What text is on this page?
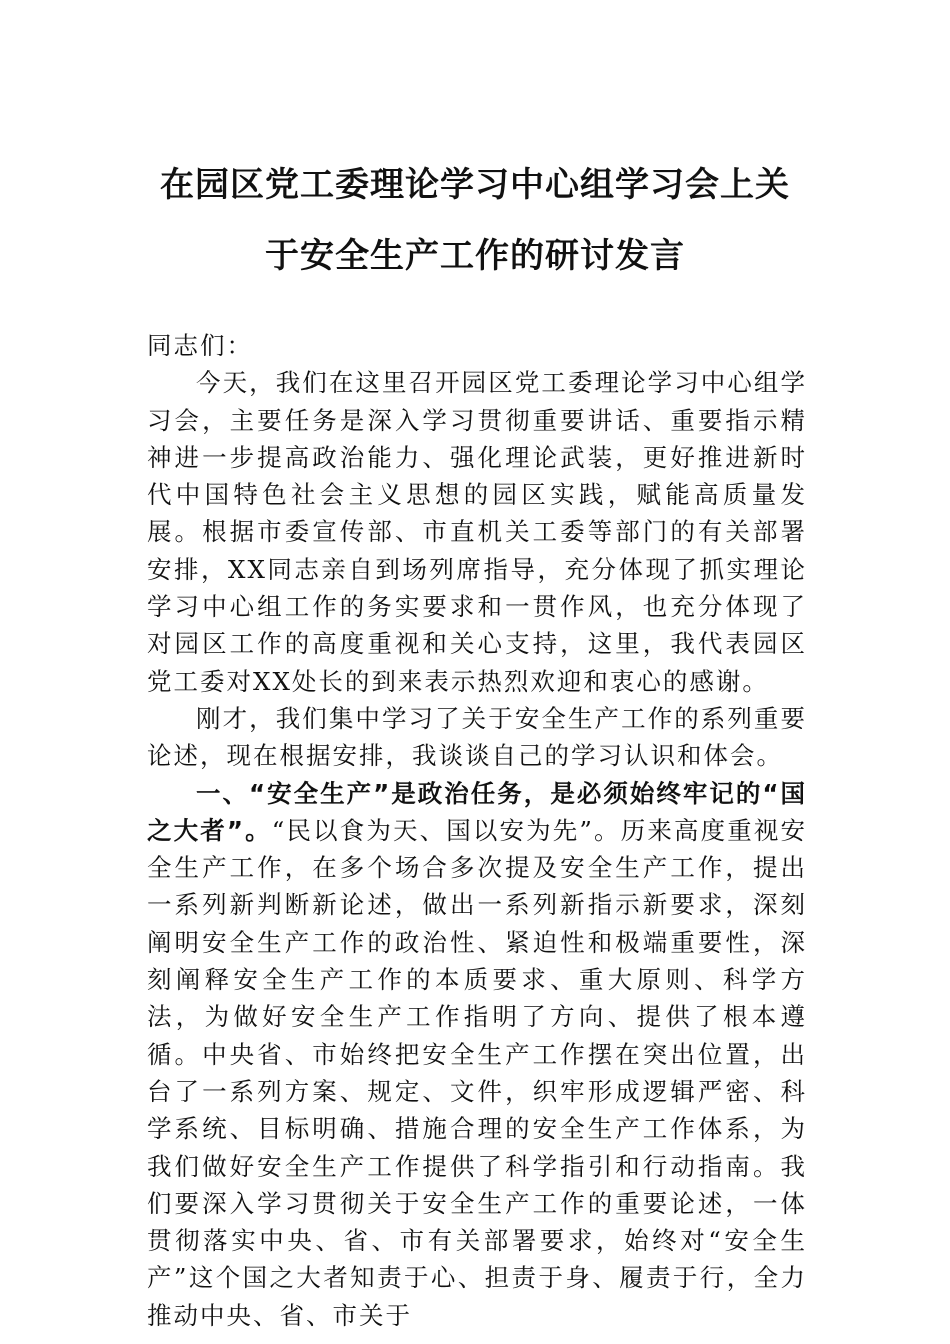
在园区党工委理论学习中心组学习会上关
于安全生产工作的研讨发言

同志们：

今天，我们在这里召开园区党工委理论学习中心组学习会，主要任务是深入学习贯彻重要讲话、重要指示精神进一步提高政治能力、强化理论武装，更好推进新时代中国特色社会主义思想的园区实践，赋能高质量发展。根据市委宣传部、市直机关工委等部门的有关部署安排，XX同志亲自到场列席指导，充分体现了抓实理论学习中心组工作的务实要求和一贯作风，也充分体现了对园区工作的高度重视和关心支持，这里，我代表园区党工委对XX处长的到来表示热烈欢迎和衷心的感谢。

刚才，我们集中学习了关于安全生产工作的系列重要论述，现在根据安排，我谈谈自己的学习认识和体会。

一、“安全生产”是政治任务，是必须始终牢记的“国之大者”。“民以食为天、国以安为先”。历来高度重视安全生产工作，在多个场合多次提及安全生产工作，提出一系列新判断新论述，做出一系列新指示新要求，深刻阐明安全生产工作的政治性、紧迫性和极端重要性，深刻阐释安全生产工作的本质要求、重大原则、科学方法，为做好安全生产工作指明了方向、提供了根本遵循。中央省、市始终把安全生产工作摆在突出位置，出台了一系列方案、规定、文件，织牢形成逻辑严密、科学系统、目标明确、措施合理的安全生产工作体系，为我们做好安全生产工作提供了科学指引和行动指南。我们要深入学习贯彻关于安全生产工作的重要论述，一体贯彻落实中央、省、市有关部署要求，始终对“安全生产”这个国之大者知责于心、担责于身、履责于行，全力推动中央、省、市关于
